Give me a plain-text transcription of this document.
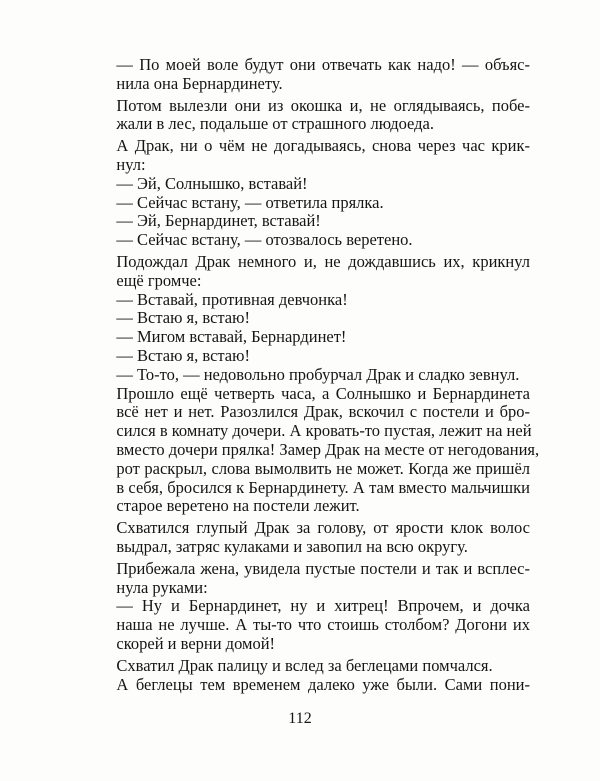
— По моей воле будут они отвечать как надо! — объяс-
нила она Бернардинету.

Потом вылезли они из окошка и, не оглядываясь, побе-
жали в лес, подальше от страшного людоеда.

А Драк, ни о чём не догадываясь, снова через час крик-
нул:

— Эй, Солнышко, вставай!

— Сейчас встану, — ответила прялка.

— Эй, Бернардинет, вставай!

— Сейчас встану, — отозвалось веретено.

Подождал Драк немного и, не дождавшись их, крикнул
ещё громче:

— Вставай, противная девчонка!

— Встаю я, встаю!

— Мигом вставай, Бернардинет!

— Встаю я, встаю!

— То-то, — недовольно пробурчал Драк и сладко зевнул.

Прошло ещё четверть часа, а Солнышко и Бернардинета
всё нет и нет. Разозлился Драк, вскочил с постели и бро-
сился в комнату дочери. А кровать-то пустая, лежит на ней
вместо дочери прялка! Замер Драк на месте от негодования,
рот раскрыл, слова вымолвить не может. Когда же пришёл
в себя, бросился к Бернардинету. А там вместо мальчишки
старое веретено на постели лежит.

Схватился глупый Драк за голову, от ярости клок волос
выдрал, затряс кулаками и завопил на всю округу.

Прибежала жена, увидела пустые постели и так и всплес-
нула руками:

— Ну и Бернардинет, ну и хитрец! Впрочем, и дочка
наша не лучше. А ты-то что стоишь столбом? Догони их
скорей и верни домой!

Схватил Драк палицу и вслед за беглецами помчался.

А беглецы тем временем далеко уже были. Сами пони-

112
